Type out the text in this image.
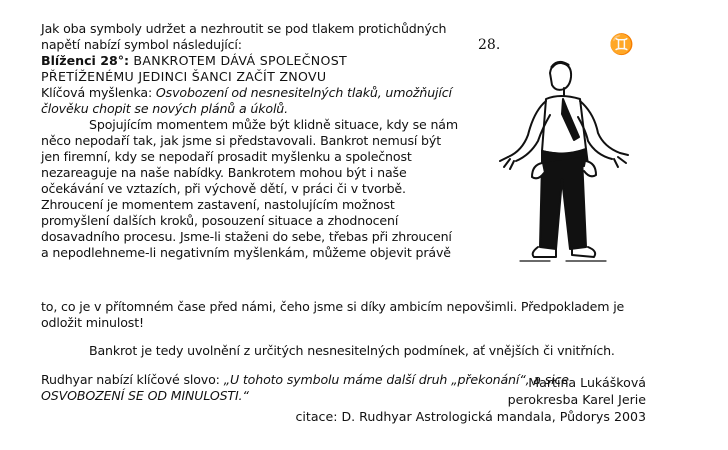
Jak oba symboly udržet a nezhroutit se pod tlakem protichůdných napětí nabízí symbol následující:

Blíženci 28°: BANKROTEM DÁVÁ SPOLEČNOST

PŘETÍŽENÉMU JEDINCI ŠANCI ZAČÍT ZNOVU

Klíčová myšlenka: Osvobození od nesnesitelných tlaků, umožňující člověku chopit se nových plánů a úkolů.

Spojujícím momentem může být klidně situace, kdy se nám něco nepodaří tak, jak jsme si představovali. Bankrot nemusí být jen firemní, kdy se nepodaří prosadit myšlenku a společnost nezareaguje na naše nabídky. Bankrotem mohou být i naše očekávání ve vztazích, při výchově dětí, v práci či v tvorbě. Zhroucení je momentem zastavení, nastolujícím možnost promyšlení dalších kroků, posouzení situace a zhodnocení dosavadního procesu. Jsme-li staženi do sebe, třebas při zhroucení a nepodlehneme-li negativním myšlenkám, můžeme objevit právě

to, co je v přítomném čase před námi, čeho jsme si díky ambicím nepovšimli. Předpokladem je odložit minulost!

Bankrot je tedy uvolnění z určitých nesnesitelných podmínek, ať vnějších či vnitřních.

Rudhyar nabízí klíčové slovo: „U tohoto symbolu máme další druh „překonání“, a sice OSVOBOZENÍ SE OD MINULOSTI.“

Martina Lukášková

perokresba Karel Jerie

citace: D. Rudhyar Astrologická mandala, Půdorys 2003

28.	♊
